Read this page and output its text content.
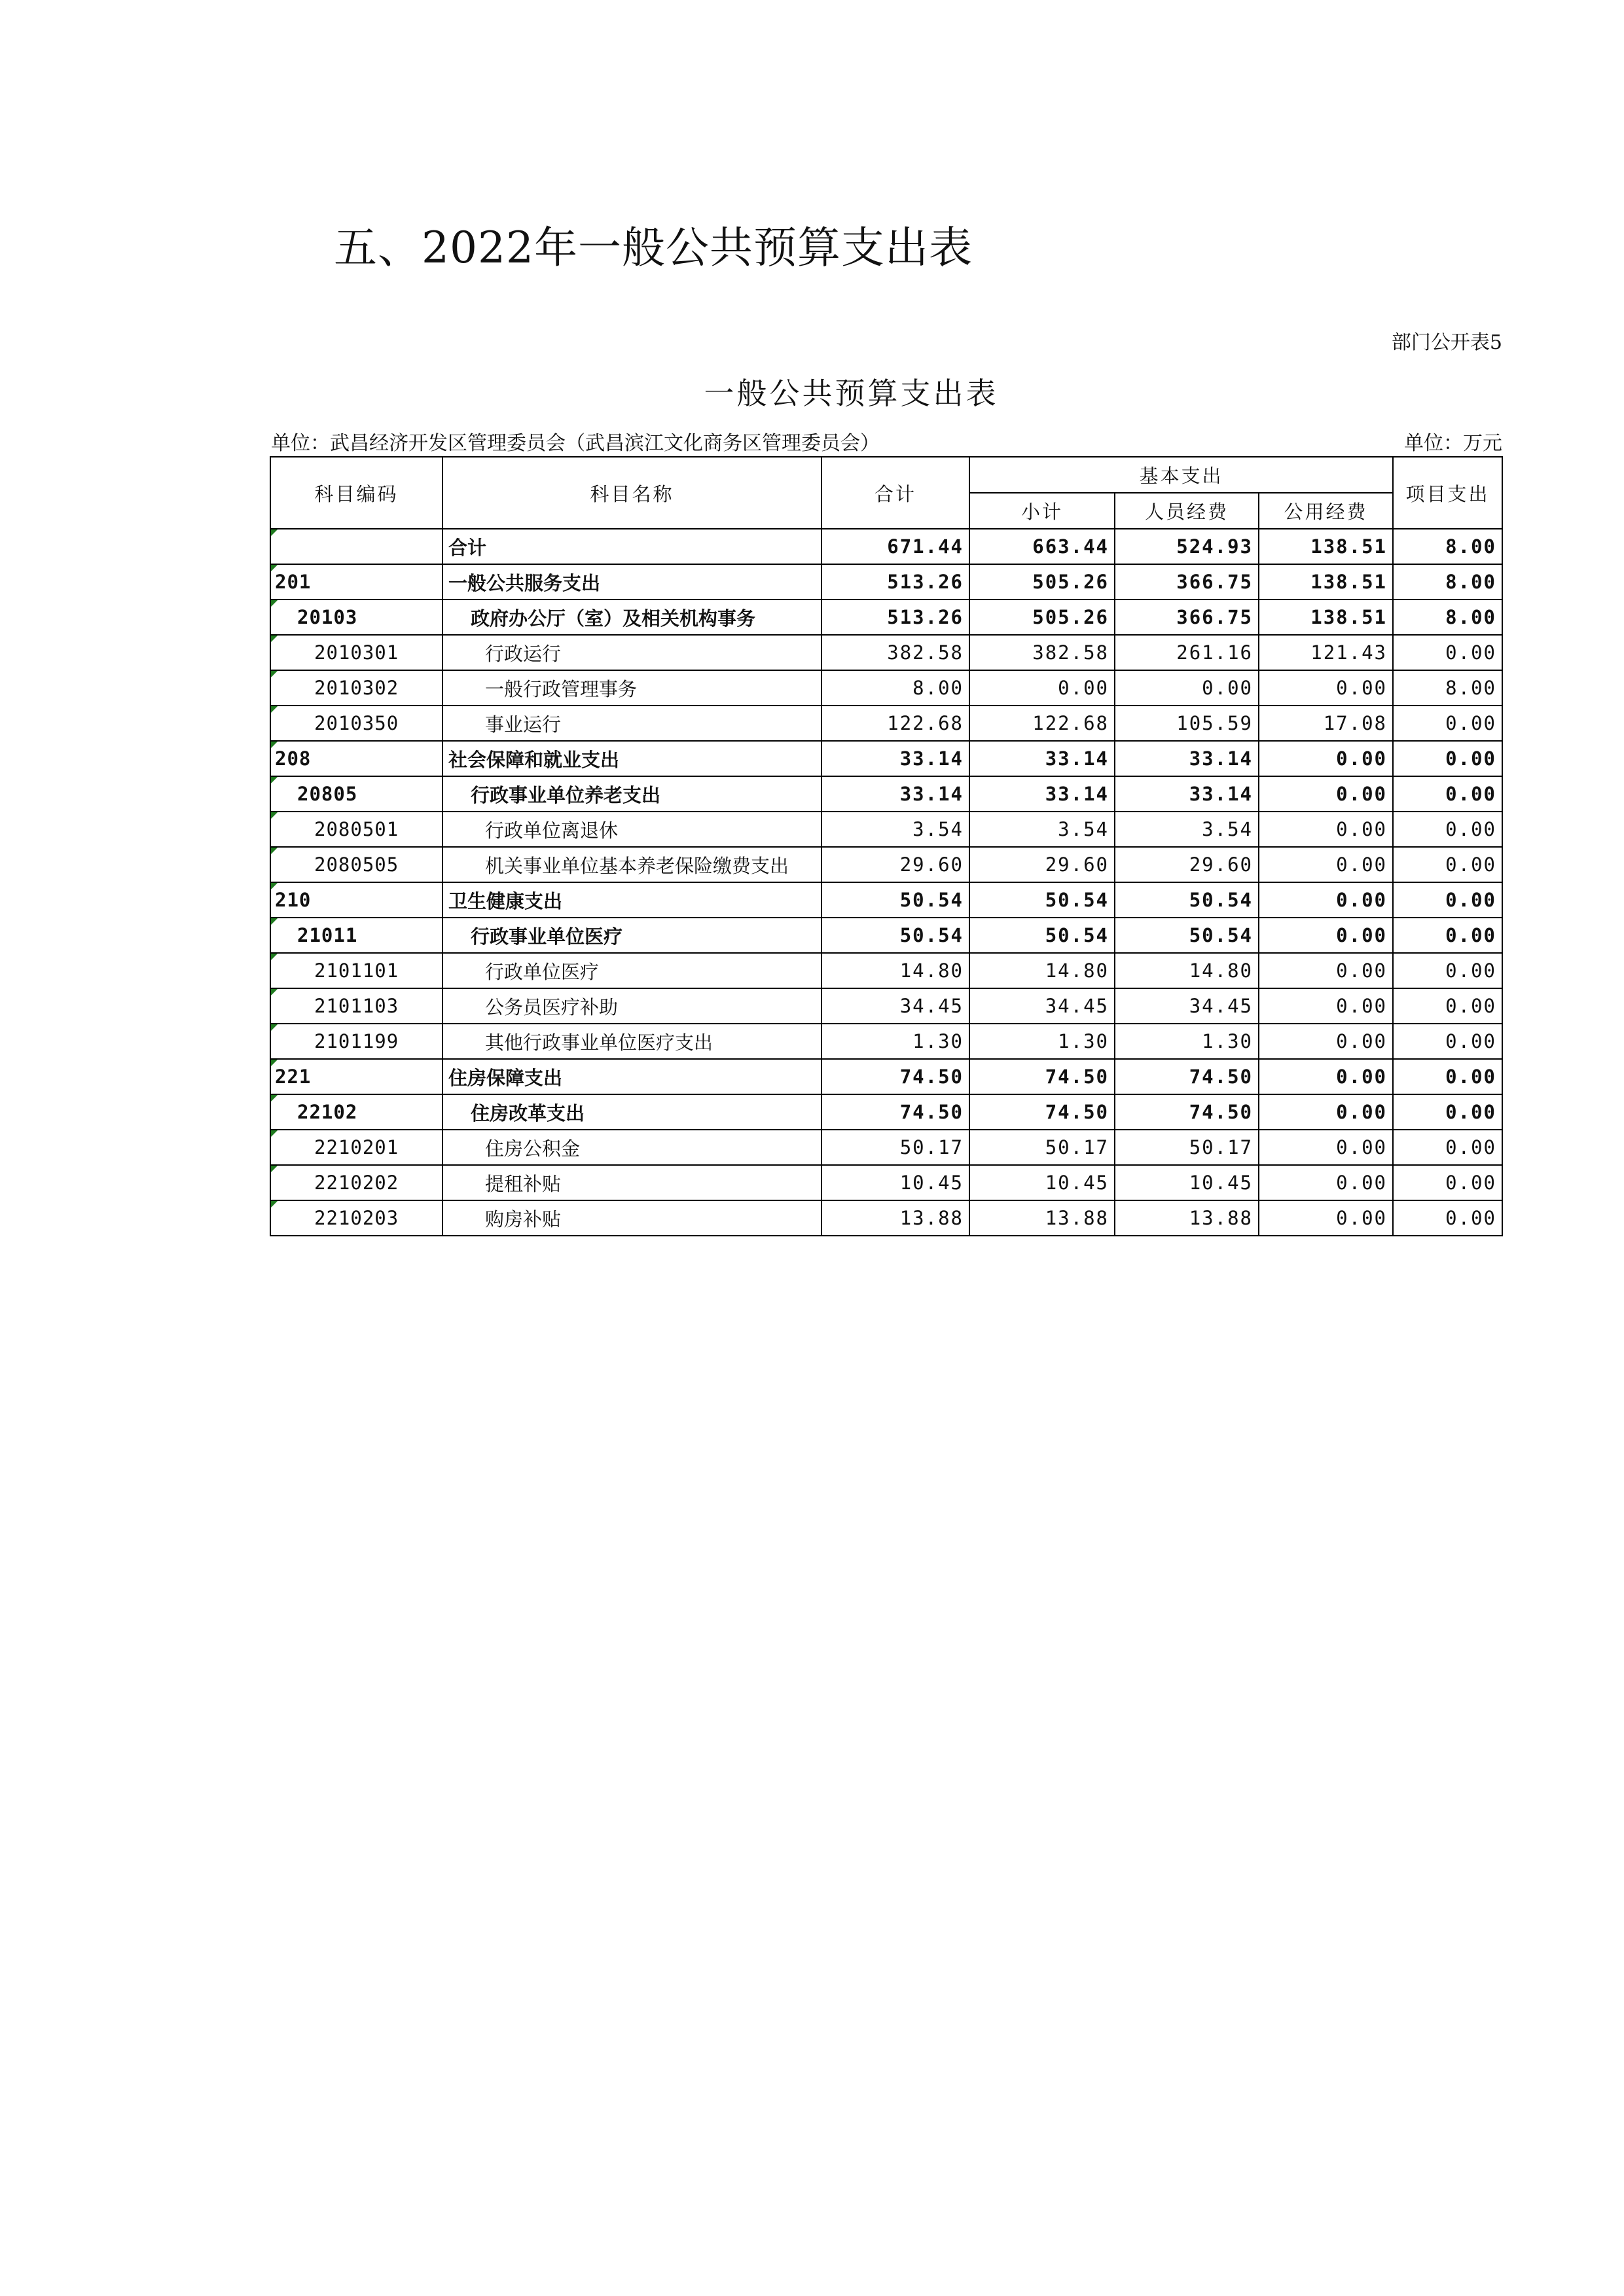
五、2022年一般公共预算支出表
部门公开表5
一般公共预算支出表
单位：武昌经济开发区管理委员会（武昌滨江文化商务区管理委员会）	单位：万元
科目编码	科目名称	合计	基本支出			项目支出
			小计	人员经费	公用经费	

	合计	671.44	663.44	524.93	138.51	8.00

201	一般公共服务支出	513.26	505.26	366.75	138.51	8.00

20103	政府办公厅（室）及相关机构事务	513.26	505.26	366.75	138.51	8.00

2010301	行政运行	382.58	382.58	261.16	121.43	0.00

2010302	一般行政管理事务	8.00	0.00	0.00	0.00	8.00

2010350	事业运行	122.68	122.68	105.59	17.08	0.00

208	社会保障和就业支出	33.14	33.14	33.14	0.00	0.00

20805	行政事业单位养老支出	33.14	33.14	33.14	0.00	0.00

2080501	行政单位离退休	3.54	3.54	3.54	0.00	0.00

2080505	机关事业单位基本养老保险缴费支出	29.60	29.60	29.60	0.00	0.00

210	卫生健康支出	50.54	50.54	50.54	0.00	0.00

21011	行政事业单位医疗	50.54	50.54	50.54	0.00	0.00

2101101	行政单位医疗	14.80	14.80	14.80	0.00	0.00

2101103	公务员医疗补助	34.45	34.45	34.45	0.00	0.00

2101199	其他行政事业单位医疗支出	1.30	1.30	1.30	0.00	0.00

221	住房保障支出	74.50	74.50	74.50	0.00	0.00

22102	住房改革支出	74.50	74.50	74.50	0.00	0.00

2210201	住房公积金	50.17	50.17	50.17	0.00	0.00

2210202	提租补贴	10.45	10.45	10.45	0.00	0.00

2210203	购房补贴	13.88	13.88	13.88	0.00	0.00
